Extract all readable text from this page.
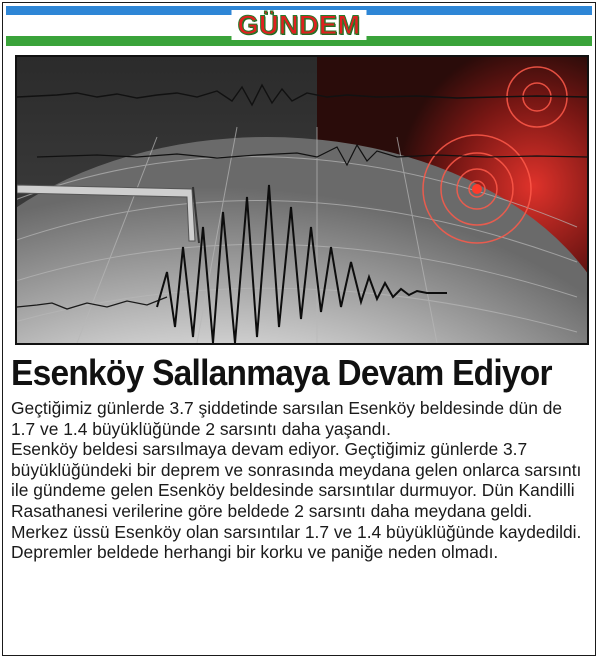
GÜNDEM
Esenköy Sallanmaya Devam Ediyor

Geçtiğimiz günlerde 3.7 şiddetinde sarsılan Esenköy beldesinde dün de 1.7 ve 1.4 büyüklüğünde 2 sarsıntı daha yaşandı.

Esenköy beldesi sarsılmaya devam ediyor. Geçtiğimiz günlerde 3.7 büyüklüğündeki bir deprem ve sonrasında meydana gelen onlarca sarsıntı ile gündeme gelen Esenköy beldesinde sarsıntılar durmuyor. Dün Kandilli Rasathanesi verilerine göre beldede 2 sarsıntı daha meydana geldi.

Merkez üssü Esenköy olan sarsıntılar 1.7 ve 1.4 büyüklüğünde kaydedildi. Depremler beldede herhangi bir korku ve paniğe neden olmadı.
